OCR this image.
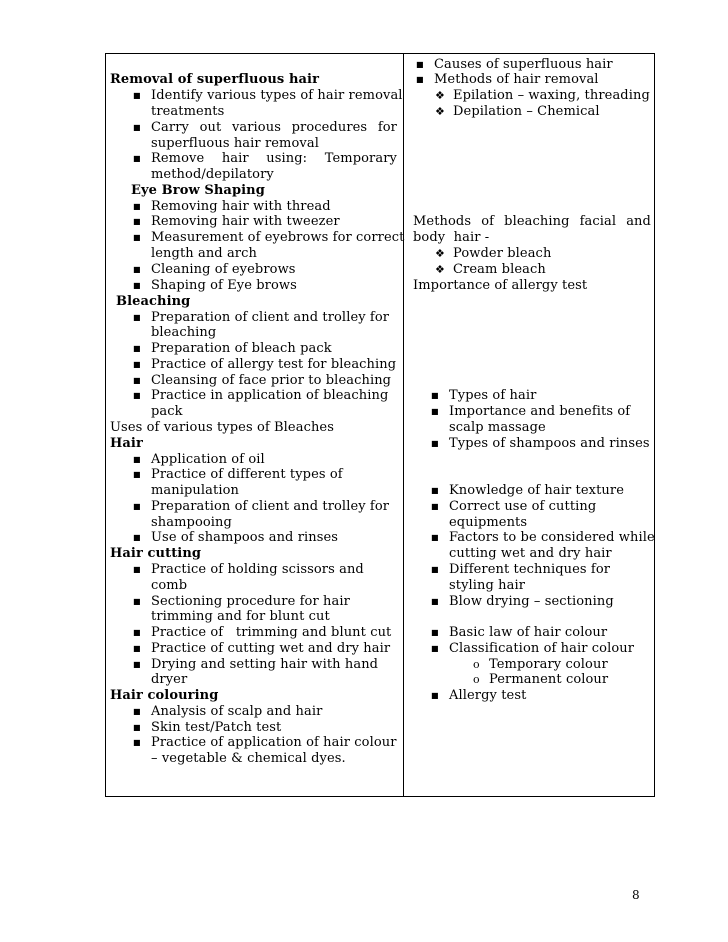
Removal of superfluous hair
■ Identify various types of hair removal
treatments
■ Carry out various procedures for
superfluous hair removal
■ Remove hair using: Temporary
method/depilatory
Eye Brow Shaping
■ Removing hair with thread
■ Removing hair with tweezer
■ Measurement of eyebrows for correct
length and arch
■ Cleaning of eyebrows
■ Shaping of Eye brows
Bleaching
■ Preparation of client and trolley for
bleaching
■ Preparation of bleach pack
■ Practice of allergy test for bleaching
■ Cleansing of face prior to bleaching
■ Practice in application of bleaching
pack
Uses of various types of Bleaches
Hair
■ Application of oil
■ Practice of different types of
manipulation
■ Preparation of client and trolley for
shampooing
■ Use of shampoos and rinses
Hair cutting
■ Practice of holding scissors and
comb
■ Sectioning procedure for hair
trimming and for blunt cut
■ Practice of   trimming and blunt cut
■ Practice of cutting wet and dry hair
■ Drying and setting hair with hand
dryer
Hair colouring
■ Analysis of scalp and hair
■ Skin test/Patch test
■ Practice of application of hair colour
– vegetable & chemical dyes.
■ Causes of superfluous hair
■ Methods of hair removal
❖ Epilation – waxing, threading
❖ Depilation – Chemical
Methods of bleaching facial and
body  hair -
❖ Powder bleach
❖ Cream bleach
Importance of allergy test
■ Types of hair
■ Importance and benefits of
scalp massage
■ Types of shampoos and rinses
■ Knowledge of hair texture
■ Correct use of cutting
equipments
■ Factors to be considered while
cutting wet and dry hair
■ Different techniques for
styling hair
■ Blow drying – sectioning
■ Basic law of hair colour
■ Classification of hair colour
o Temporary colour
o Permanent colour
■ Allergy test
8
